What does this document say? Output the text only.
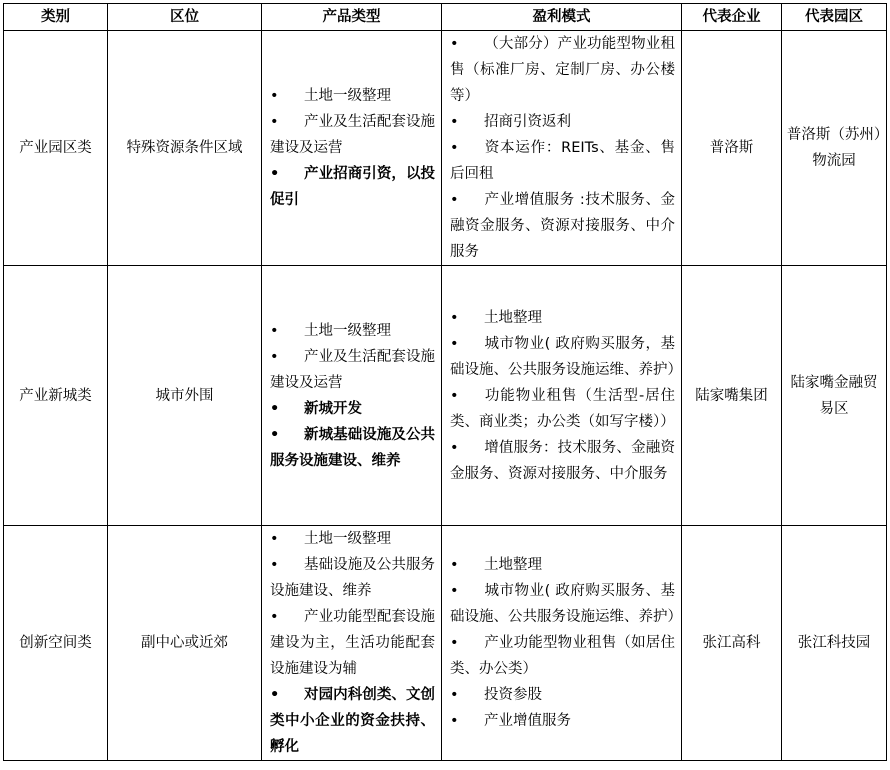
类别	区位	产品类型	盈利模式	代表企业	代表园区
产业园区类	特殊资源条件区域	• 土地一级整理
• 产业及生活配套设施建设及运营
• 产业招商引资，以投促引	• （大部分）产业功能型物业租售（标准厂房、定制厂房、办公楼等）
• 招商引资返利
• 资本运作：REITs、基金、售后回租
• 产业增值服务 :技术服务、金融资金服务、资源对接服务、中介服务	普洛斯	普洛斯（苏州）物流园
产业新城类	城市外围	• 土地一级整理
• 产业及生活配套设施建设及运营
• 新城开发
• 新城基础设施及公共服务设施建设、维养	• 土地整理
• 城市物业( 政府购买服务，基础设施、公共服务设施运维、养护）
• 功能物业租售（生活型-居住类、商业类；办公类（如写字楼））
• 增值服务：技术服务、金融资金服务、资源对接服务、中介服务	陆家嘴集团	陆家嘴金融贸易区
创新空间类	副中心或近郊	• 土地一级整理
• 基础设施及公共服务设施建设、维养
• 产业功能型配套设施建设为主，生活功能配套设施建设为辅
• 对园内科创类、文创类中小企业的资金扶持、孵化	• 土地整理
• 城市物业( 政府购买服务、基础设施、公共服务设施运维、养护）
• 产业功能型物业租售（如居住类、办公类）
• 投资参股
• 产业增值服务	张江高科	张江科技园
